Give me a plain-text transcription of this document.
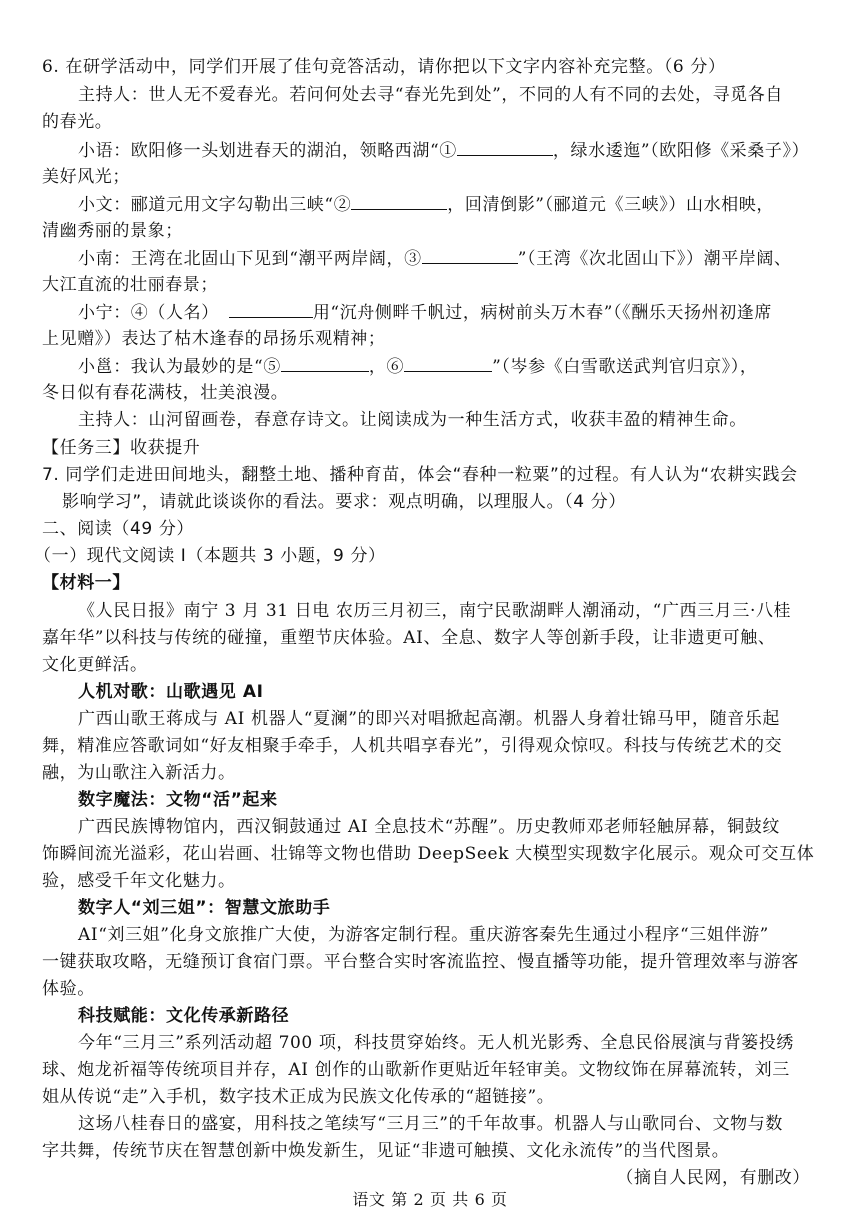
6. 在研学活动中，同学们开展了佳句竞答活动，请你把以下文字内容补充完整。（6 分）
主持人：世人无不爱春光。若问何处去寻“春光先到处”，不同的人有不同的去处，寻觅各自
的春光。
小语：欧阳修一头划进春天的湖泊，领略西湖“①	，绿水逶迤”（欧阳修《采桑子》）
美好风光；
小文：郦道元用文字勾勒出三峡“②	，回清倒影”（郦道元《三峡》）山水相映，
清幽秀丽的景象；
小南：王湾在北固山下见到“潮平两岸阔，③	”（王湾《次北固山下》）潮平岸阔、
大江直流的壮丽春景；
小宁：④（人名）	用“沉舟侧畔千帆过，病树前头万木春”（《酬乐天扬州初逢席
上见赠》）表达了枯木逢春的昂扬乐观精神；
小邕：我认为最妙的是“⑤	，⑥	”（岑参《白雪歌送武判官归京》），
冬日似有春花满枝，壮美浪漫。
主持人：山河留画卷，春意存诗文。让阅读成为一种生活方式，收获丰盈的精神生命。
【任务三】收获提升
7. 同学们走进田间地头，翻整土地、播种育苗，体会“春种一粒粟”的过程。有人认为“农耕实践会
影响学习”，请就此谈谈你的看法。要求：观点明确，以理服人。（4 分）
二、阅读（49 分）
（一）现代文阅读 Ⅰ（本题共 3 小题，9 分）
【材料一】
《人民日报》南宁 3 月 31 日电 农历三月初三，南宁民歌湖畔人潮涌动，“广西三月三·八桂
嘉年华”以科技与传统的碰撞，重塑节庆体验。AI、全息、数字人等创新手段，让非遗更可触、
文化更鲜活。
人机对歌：山歌遇见 AI
广西山歌王蒋成与 AI 机器人“夏澜”的即兴对唱掀起高潮。机器人身着壮锦马甲，随音乐起
舞，精准应答歌词如“好友相聚手牵手，人机共唱享春光”，引得观众惊叹。科技与传统艺术的交
融，为山歌注入新活力。
数字魔法：文物“活”起来
广西民族博物馆内，西汉铜鼓通过 AI 全息技术“苏醒”。历史教师邓老师轻触屏幕，铜鼓纹
饰瞬间流光溢彩，花山岩画、壮锦等文物也借助 DeepSeek 大模型实现数字化展示。观众可交互体
验，感受千年文化魅力。
数字人“刘三姐”：智慧文旅助手
AI“刘三姐”化身文旅推广大使，为游客定制行程。重庆游客秦先生通过小程序“三姐伴游”
一键获取攻略，无缝预订食宿门票。平台整合实时客流监控、慢直播等功能，提升管理效率与游客
体验。
科技赋能：文化传承新路径
今年“三月三”系列活动超 700 项，科技贯穿始终。无人机光影秀、全息民俗展演与背篓投绣
球、炮龙祈福等传统项目并存，AI 创作的山歌新作更贴近年轻审美。文物纹饰在屏幕流转，刘三
姐从传说“走”入手机，数字技术正成为民族文化传承的“超链接”。
这场八桂春日的盛宴，用科技之笔续写“三月三”的千年故事。机器人与山歌同台、文物与数
字共舞，传统节庆在智慧创新中焕发新生，见证“非遗可触摸、文化永流传”的当代图景。
（摘自人民网，有删改）
语文 第 2 页 共 6 页
